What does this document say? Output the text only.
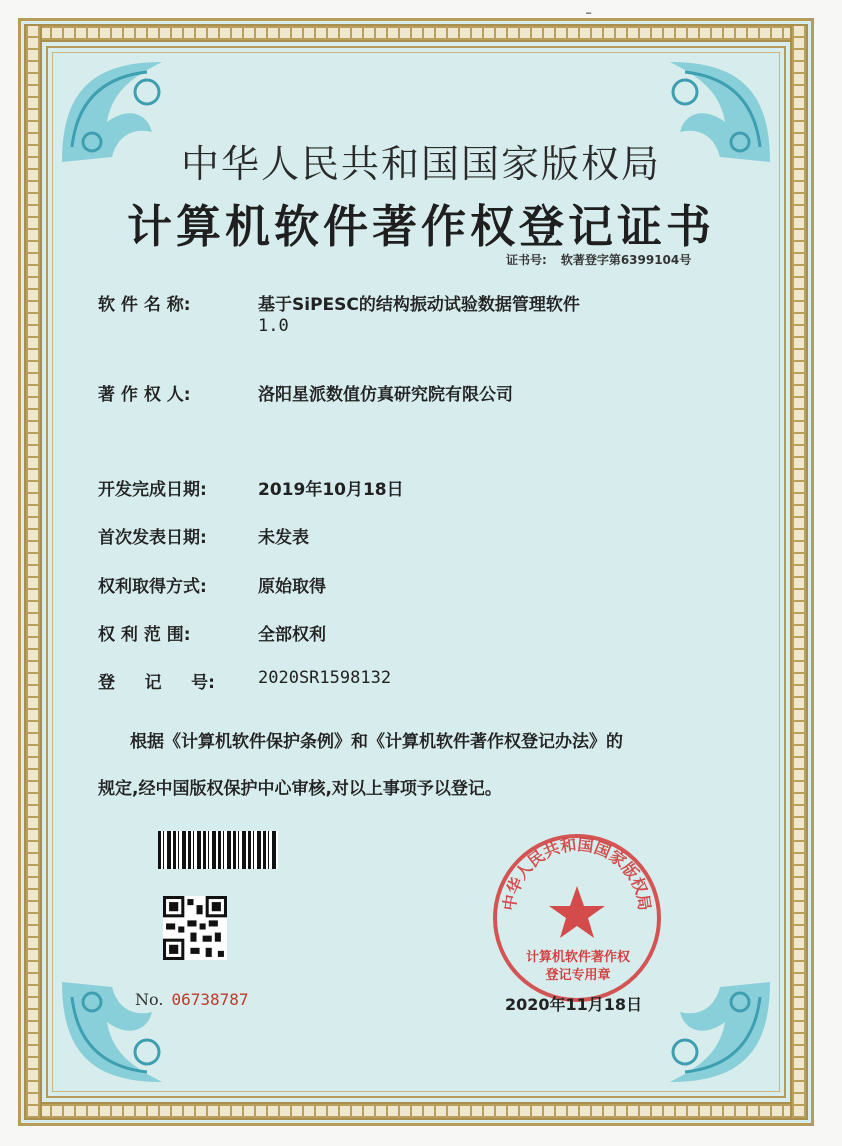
-
中华人民共和国国家版权局
计算机软件著作权登记证书
证书号: 软著登字第6399104号
软 件 名 称:	基于SiPESC的结构振动试验数据管理软件
1.0
著 作 权 人:	洛阳星派数值仿真研究院有限公司
开发完成日期:	2019年10月18日
首次发表日期:	未发表
权利取得方式:	原始取得
权 利 范 围:	全部权利
登     记     号:	2020SR1598132
根据《计算机软件保护条例》和《计算机软件著作权登记办法》的
规定,经中国版权保护中心审核,对以上事项予以登记。
No. 06738787
中华人民共和国国家版权局
计算机软件著作权
登记专用章
2020年11月18日
